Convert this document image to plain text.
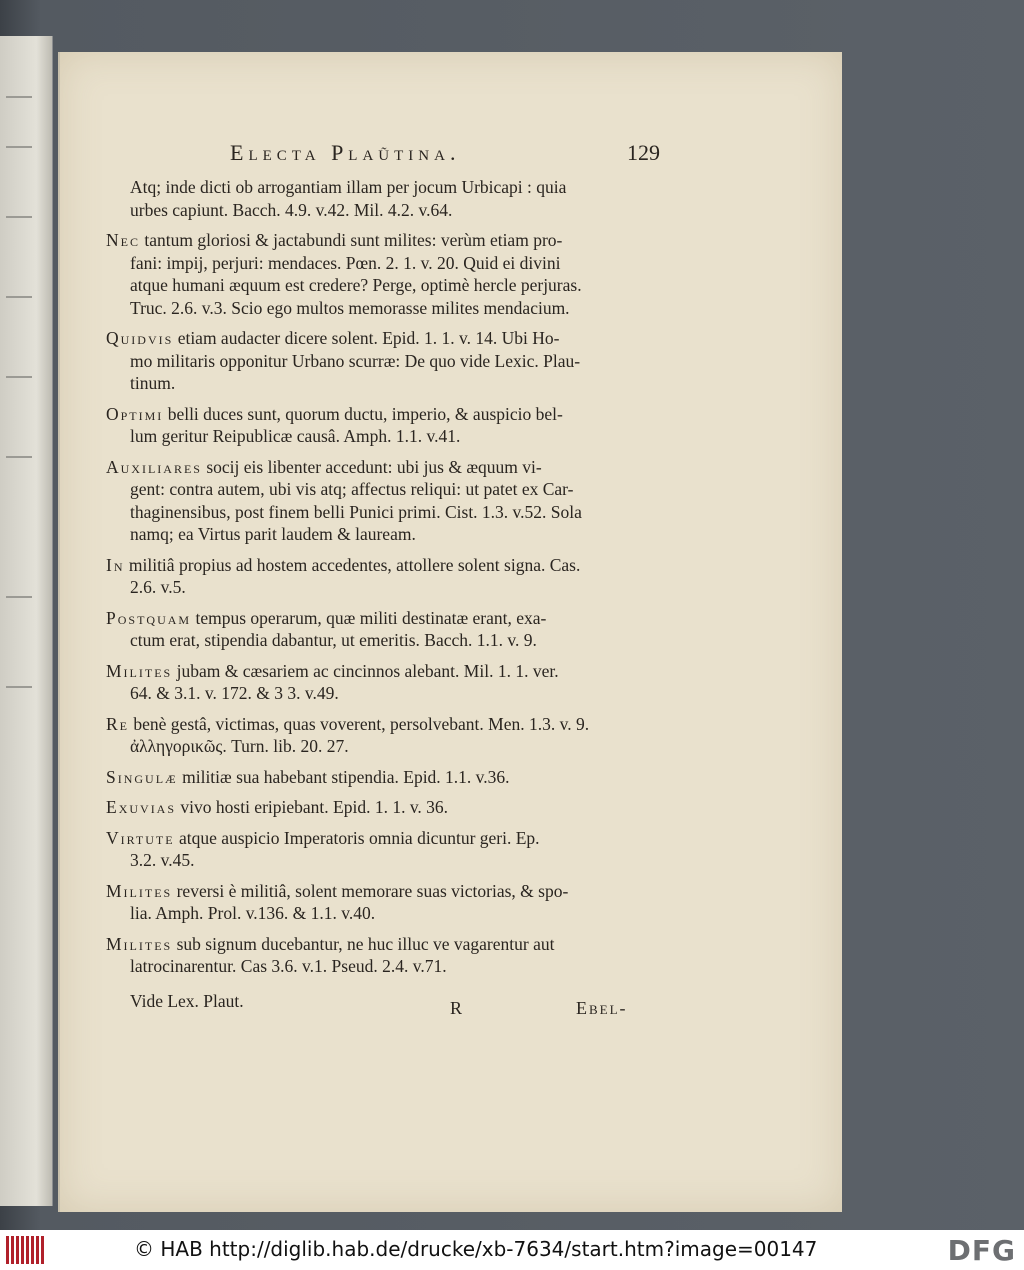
Electa Plaũtina.	129
Atq; inde dicti ob arrogantiam illam per jocum Urbicapi : quia
urbes capiunt. Bacch. 4.9. v.42. Mil. 4.2. v.64.
Nec tantum gloriosi & jactabundi sunt milites: verùm etiam pro-
fani: impij, perjuri: mendaces. Pœn. 2. 1. v. 20. Quid ei divini
atque humani æquum est credere? Perge, optimè hercle perjuras.
Truc. 2.6. v.3. Scio ego multos memorasse milites mendacium.
Quidvis etiam audacter dicere solent. Epid. 1. 1. v. 14. Ubi Ho-
mo militaris opponitur Urbano scurræ: De quo vide Lexic. Plau-
tinum.
Optimi belli duces sunt, quorum ductu, imperio, & auspicio bel-
lum geritur Reipublicæ causâ. Amph. 1.1. v.41.
Auxiliares socij eis libenter accedunt: ubi jus & æquum vi-
gent: contra autem, ubi vis atq; affectus reliqui: ut patet ex Car-
thaginensibus, post finem belli Punici primi. Cist. 1.3. v.52. Sola
namq; ea Virtus parit laudem & lauream.
In militiâ propius ad hostem accedentes, attollere solent signa. Cas.
2.6. v.5.
Postquam tempus operarum, quæ militi destinatæ erant, exa-
ctum erat, stipendia dabantur, ut emeritis. Bacch. 1.1. v. 9.
Milites jubam & cæsariem ac cincinnos alebant. Mil. 1. 1. ver.
64. & 3.1. v. 172. & 3 3. v.49.
Re benè gestâ, victimas, quas voverent, persolvebant. Men. 1.3. v. 9.
ἀλληγορικῶς. Turn. lib. 20. 27.
Singulæ militiæ sua habebant stipendia. Epid. 1.1. v.36.
Exuvias vivo hosti eripiebant. Epid. 1. 1. v. 36.
Virtute atque auspicio Imperatoris omnia dicuntur geri. Ep.
3.2. v.45.
Milites reversi è militiâ, solent memorare suas victorias, & spo-
lia. Amph. Prol. v.136. & 1.1. v.40.
Milites sub signum ducebantur, ne huc illuc ve vagarentur aut
latrocinarentur. Cas 3.6. v.1. Pseud. 2.4. v.71.
Vide Lex. Plaut.	R	Ebel-
© HAB http://diglib.hab.de/drucke/xb-7634/start.htm?image=00147	DFG
